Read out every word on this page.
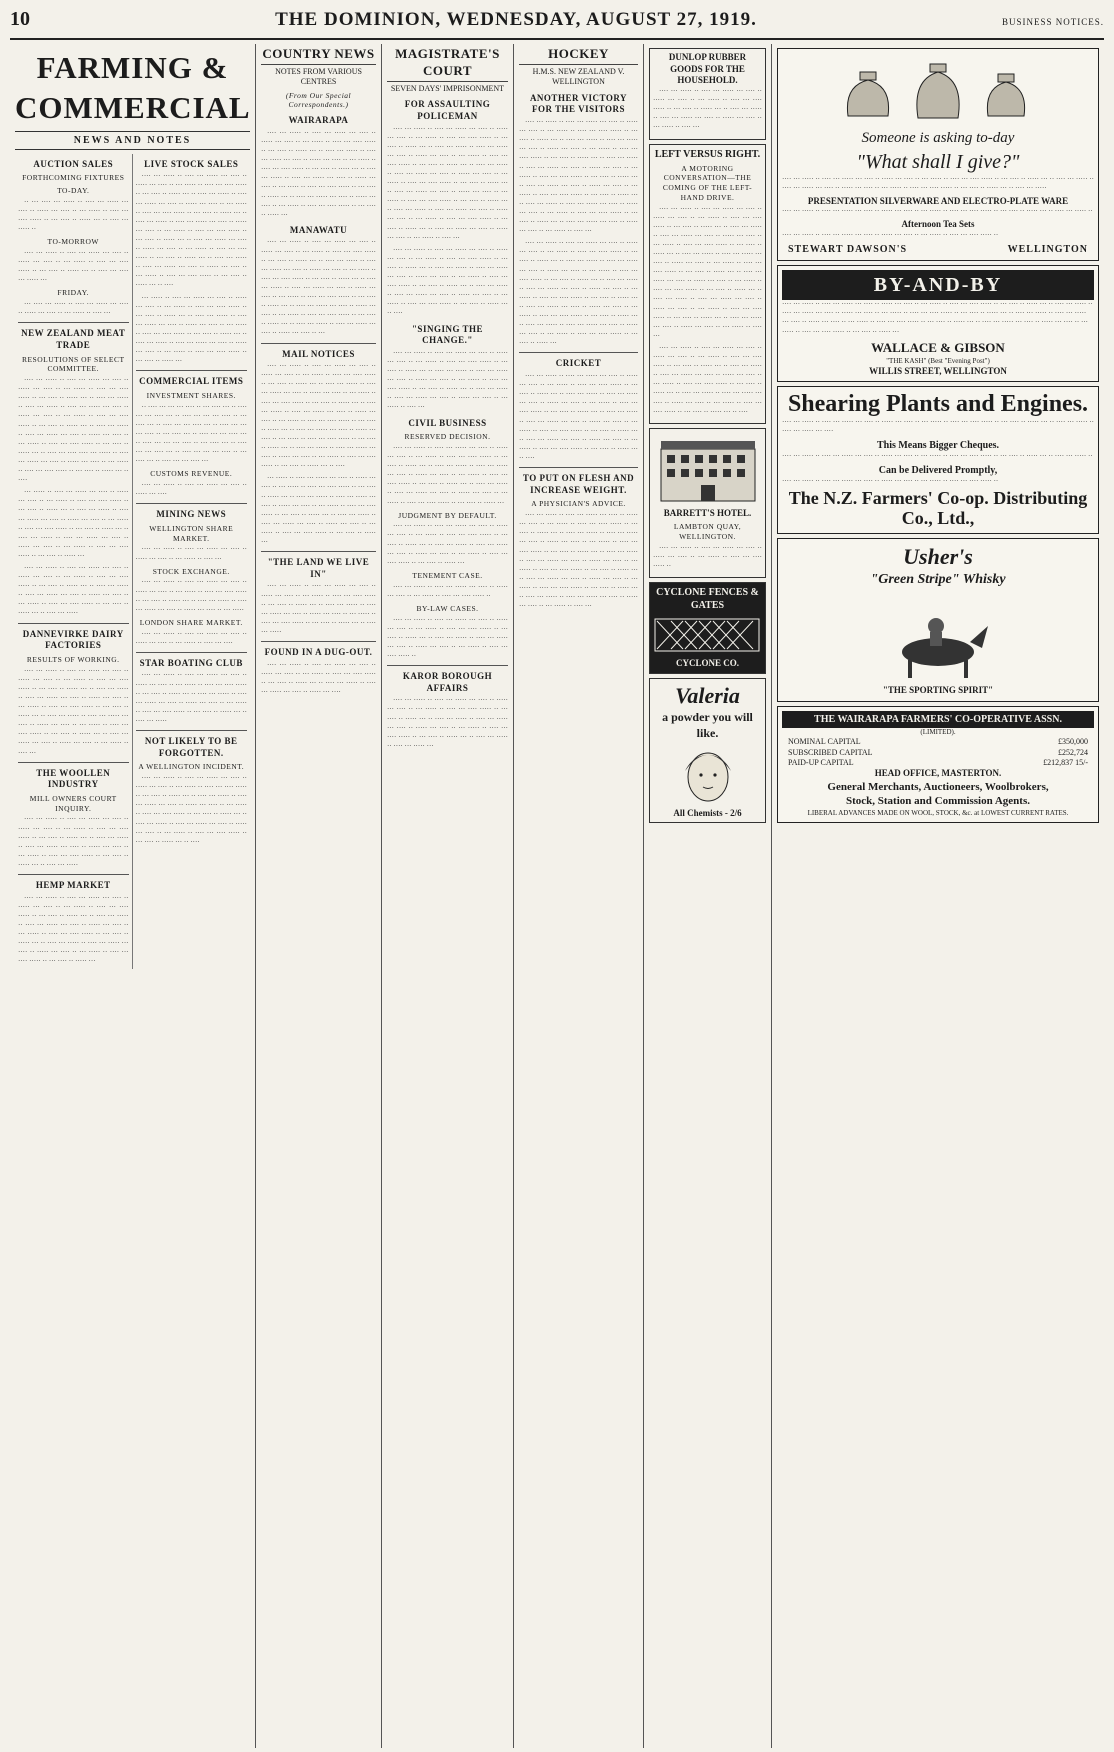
10	THE DOMINION, WEDNESDAY, AUGUST 27, 1919.	BUSINESS NOTICES.
FARMING & COMMERCIAL
NEWS AND NOTES
AUCTION SALES
FORTHCOMING FIXTURES
TO-DAY.

·· ··· ···· ··· ····· ·· ···· ··· ····· ··· ···· ·· ····· ··· ···· ·· ··· ····· ·· ···· ··· ···· ····· ·· ··· ···· ·· ····· ··· ·· ···· ··· ····· ··

TO-MORROW

···· ··· ····· ·· ···· ··· ····· ··· ···· ·· ····· ··· ···· ·· ··· ····· ·· ···· ··· ···· ····· ·· ··· ···· ·· ····· ··· ·· ···· ··· ···· ··· ····· ···

FRIDAY.

··· ···· ··· ····· ·· ···· ··· ····· ··· ···· ·· ····· ··· ···· ·· ··· ····· ·· ···· ···

NEW ZEALAND MEAT TRADE
RESOLUTIONS OF SELECT COMMITTEE.

···· ··· ····· ·· ···· ··· ····· ··· ···· ·· ····· ··· ···· ·· ··· ····· ·· ···· ··· ···· ····· ·· ··· ···· ·· ····· ··· ·· ···· ··· ····· ·· ···· ··· ····· ·· ···· ··· ····· ··· ···· ·· ····· ··· ···· ·· ··· ····· ·· ···· ··· ···· ····· ·· ··· ···· ·· ····· ··· ·· ···· ··· ····· ·· ···· ··· ····· ··· ···· ·· ····· ··· ···· ·· ··· ····· ·· ···· ··· ···· ····· ·· ··· ···· ·· ····· ··· ·· ···· ··· ···· ···· ··· ····· ·· ···· ··· ····· ··· ···· ·· ····· ··· ···· ·· ··· ····· ·· ···· ··· ···· ····· ·· ··· ···· ·· ····· ··· ·· ····

··· ····· ·· ···· ··· ····· ··· ···· ·· ····· ··· ···· ·· ··· ····· ·· ···· ··· ···· ····· ·· ··· ···· ·· ····· ··· ·· ···· ··· ····· ·· ···· ··· ····· ··· ···· ·· ····· ··· ···· ·· ··· ····· ·· ···· ··· ···· ····· ·· ··· ···· ·· ····· ··· ·· ···· ··· ····· ·· ···· ··· ····· ··· ···· ·· ····· ··· ···· ·· ··· ····· ·· ···· ··· ···· ····· ·· ··· ···· ·· ····· ···

···· ··· ····· ·· ···· ··· ····· ··· ···· ·· ····· ··· ···· ·· ··· ····· ·· ···· ··· ···· ····· ·· ··· ···· ·· ····· ··· ·· ···· ··· ····· ·· ···· ··· ····· ··· ···· ·· ····· ··· ···· ·· ··· ····· ·· ···· ··· ···· ····· ·· ··· ···· ·· ····· ··· ·· ···· ··· ·····

DANNEVIRKE DAIRY FACTORIES
RESULTS OF WORKING.

···· ··· ····· ·· ···· ··· ····· ··· ···· ·· ····· ··· ···· ·· ··· ····· ·· ···· ··· ···· ····· ·· ··· ···· ·· ····· ··· ·· ···· ··· ····· ·· ···· ··· ····· ··· ···· ·· ····· ··· ···· ·· ··· ····· ·· ···· ··· ···· ····· ·· ··· ···· ·· ····· ··· ·· ···· ··· ····· ·· ···· ··· ····· ··· ···· ·· ····· ··· ···· ·· ··· ····· ·· ···· ··· ···· ····· ·· ··· ···· ·· ····· ··· ·· ···· ··· ····· ··· ···· ·· ····· ··· ···· ·· ··· ····· ·· ···· ···

THE WOOLLEN INDUSTRY
MILL OWNERS COURT INQUIRY.

···· ··· ····· ·· ···· ··· ····· ··· ···· ·· ····· ··· ···· ·· ··· ····· ·· ···· ··· ···· ····· ·· ··· ···· ·· ····· ··· ·· ···· ··· ····· ·· ···· ··· ····· ··· ···· ·· ····· ··· ···· ·· ··· ····· ·· ···· ··· ···· ····· ·· ··· ···· ·· ····· ··· ·· ···· ··· ·····

HEMP MARKET

···· ··· ····· ·· ···· ··· ····· ··· ···· ·· ····· ··· ···· ·· ··· ····· ·· ···· ··· ···· ····· ·· ··· ···· ·· ····· ··· ·· ···· ··· ····· ·· ···· ··· ····· ··· ···· ·· ····· ··· ···· ·· ··· ····· ·· ···· ··· ···· ····· ·· ··· ···· ·· ····· ··· ·· ···· ··· ····· ·· ···· ··· ····· ··· ···· ·· ····· ··· ···· ·· ··· ····· ·· ···· ··· ···· ····· ·· ··· ···· ·· ····· ···

LIVE STOCK SALES

···· ··· ····· ·· ···· ··· ····· ··· ···· ·· ····· ··· ···· ·· ··· ····· ·· ···· ··· ···· ····· ·· ··· ···· ·· ····· ··· ·· ···· ··· ····· ·· ···· ··· ····· ··· ···· ·· ····· ··· ···· ·· ··· ····· ·· ···· ··· ···· ····· ·· ··· ···· ·· ····· ··· ·· ···· ··· ····· ·· ···· ··· ····· ··· ···· ·· ····· ··· ···· ·· ··· ····· ·· ···· ··· ···· ····· ·· ··· ···· ·· ····· ··· ·· ···· ··· ····· ··· ···· ·· ····· ··· ···· ·· ··· ····· ·· ···· ··· ···· ····· ·· ··· ···· ·· ····· ··· ·· ···· ··· ····· ·· ···· ··· ····· ··· ···· ·· ····· ··· ···· ·· ··· ····· ·· ···· ··· ···· ····· ·· ··· ···· ·· ····· ··· ·· ····

··· ····· ·· ···· ··· ····· ··· ···· ·· ····· ··· ···· ·· ··· ····· ·· ···· ··· ···· ····· ·· ··· ···· ·· ····· ··· ·· ···· ··· ····· ·· ···· ··· ····· ··· ···· ·· ····· ··· ···· ·· ··· ····· ·· ···· ··· ···· ····· ·· ··· ···· ·· ····· ··· ·· ···· ··· ····· ·· ···· ··· ····· ··· ···· ·· ····· ··· ···· ·· ··· ····· ·· ···· ··· ···· ····· ·· ··· ···· ·· ····· ···

COMMERCIAL ITEMS
INVESTMENT SHARES.

·· ···· ··· ··· ··· ···· ·· ··· ···· ··· ·· ···· ··· ··· ···· ··· ·· ···· ··· ··· ··· ···· ·· ··· ···· ··· ·· ···· ··· ··· ···· ··· ·· ···· ··· ··· ··· ···· ·· ··· ···· ··· ·· ···· ··· ··· ···· ··· ·· ···· ··· ··· ··· ···· ·· ··· ···· ··· ·· ···· ··· ··· ···· ··· ·· ···· ··· ··· ··· ···· ·· ··· ···· ··· ·· ···· ··· ··· ···· ···

CUSTOMS REVENUE.

···· ··· ····· ·· ···· ··· ····· ··· ···· ·· ····· ··· ····

MINING NEWS
WELLINGTON SHARE MARKET.

···· ··· ····· ·· ···· ··· ····· ··· ···· ·· ····· ··· ···· ·· ··· ····· ·· ···· ···

STOCK EXCHANGE.

···· ··· ····· ·· ···· ··· ····· ··· ···· ·· ····· ··· ···· ·· ··· ····· ·· ···· ··· ···· ····· ·· ··· ···· ·· ····· ··· ·· ···· ··· ····· ·· ···· ··· ····· ··· ···· ·· ····· ··· ···· ·· ··· ·····

LONDON SHARE MARKET.

···· ··· ····· ·· ···· ··· ····· ··· ···· ·· ····· ··· ···· ·· ··· ····· ·· ···· ··· ····

STAR BOATING CLUB

···· ··· ····· ·· ···· ··· ····· ··· ···· ·· ····· ··· ···· ·· ··· ····· ·· ···· ··· ···· ····· ·· ··· ···· ·· ····· ··· ·· ···· ··· ····· ·· ···· ··· ····· ··· ···· ·· ····· ··· ···· ·· ··· ····· ·· ···· ··· ···· ····· ·· ··· ···· ·· ····· ··· ·· ···· ··· ·····

NOT LIKELY TO BE FORGOTTEN.
A WELLINGTON INCIDENT.

···· ··· ····· ·· ···· ··· ····· ··· ···· ·· ····· ··· ···· ·· ··· ····· ·· ···· ··· ···· ····· ·· ··· ···· ·· ····· ··· ·· ···· ··· ····· ·· ···· ··· ····· ··· ···· ·· ····· ··· ···· ·· ··· ····· ·· ···· ··· ···· ····· ·· ··· ···· ·· ····· ··· ·· ···· ··· ····· ·· ···· ··· ····· ··· ···· ·· ····· ··· ···· ·· ··· ····· ·· ···· ··· ···· ····· ·· ··· ···· ·· ····· ··· ·· ····

COUNTRY NEWS
NOTES FROM VARIOUS CENTRES
(From Our Special Correspondents.)
WAIRARAPA

···· ··· ····· ·· ···· ··· ····· ··· ···· ·· ····· ··· ···· ·· ··· ····· ·· ···· ··· ···· ····· ·· ··· ···· ·· ····· ··· ·· ···· ··· ····· ·· ···· ··· ····· ··· ···· ·· ····· ··· ···· ·· ··· ····· ·· ···· ··· ···· ····· ·· ··· ···· ·· ····· ··· ·· ···· ··· ····· ·· ···· ··· ····· ··· ···· ·· ····· ··· ···· ·· ··· ····· ·· ···· ··· ···· ····· ·· ··· ···· ·· ····· ··· ·· ···· ··· ····· ··· ···· ·· ····· ··· ···· ·· ··· ····· ·· ···· ··· ···· ····· ·· ··· ···· ·· ····· ···

MANAWATU

···· ··· ····· ·· ···· ··· ····· ··· ···· ·· ····· ··· ···· ·· ··· ····· ·· ···· ··· ···· ····· ·· ··· ···· ·· ····· ··· ·· ···· ··· ····· ·· ···· ··· ····· ··· ···· ·· ····· ··· ···· ·· ··· ····· ·· ···· ··· ···· ····· ·· ··· ···· ·· ····· ··· ·· ···· ··· ····· ·· ···· ··· ····· ··· ···· ·· ····· ··· ···· ·· ··· ····· ·· ···· ··· ···· ····· ·· ··· ···· ·· ····· ··· ·· ···· ··· ····· ··· ···· ·· ····· ··· ···· ·· ··· ····· ·· ···· ··· ···· ····· ·· ··· ···· ·· ····· ··· ·· ···· ··· ····· ·· ···· ··· ····· ··· ···· ·· ····· ··· ···· ·· ···

MAIL NOTICES

···· ··· ····· ·· ···· ··· ····· ··· ···· ·· ····· ··· ···· ·· ··· ····· ·· ···· ··· ···· ····· ·· ··· ···· ·· ····· ··· ·· ···· ··· ····· ·· ···· ··· ····· ··· ···· ·· ····· ··· ···· ·· ··· ····· ·· ···· ··· ···· ····· ·· ··· ···· ·· ····· ··· ·· ···· ··· ····· ·· ···· ··· ····· ··· ···· ·· ····· ··· ···· ·· ··· ····· ·· ···· ··· ···· ····· ·· ··· ···· ·· ····· ··· ·· ···· ··· ····· ··· ···· ·· ····· ··· ···· ·· ··· ····· ·· ···· ··· ···· ····· ·· ··· ···· ·· ····· ··· ·· ···· ··· ····· ·· ···· ··· ····· ··· ···· ·· ····· ··· ···· ·· ··· ····· ·· ···· ··· ···· ····· ·· ··· ···· ·· ····· ··· ·· ····

··· ····· ·· ···· ··· ····· ··· ···· ·· ····· ··· ···· ·· ··· ····· ·· ···· ··· ···· ····· ·· ··· ···· ·· ····· ··· ·· ···· ··· ····· ·· ···· ··· ····· ··· ···· ·· ····· ··· ···· ·· ··· ····· ·· ···· ··· ···· ····· ·· ··· ···· ·· ····· ··· ·· ···· ··· ····· ·· ···· ··· ····· ··· ···· ·· ····· ··· ···· ·· ··· ····· ·· ···· ··· ···· ····· ·· ··· ···· ·· ····· ···

"THE LAND WE LIVE IN"

···· ··· ····· ·· ···· ··· ····· ··· ···· ·· ····· ··· ···· ·· ··· ····· ·· ···· ··· ···· ····· ·· ··· ···· ·· ····· ··· ·· ···· ··· ····· ·· ···· ··· ····· ··· ···· ·· ····· ··· ···· ·· ··· ····· ·· ···· ··· ···· ····· ·· ··· ···· ·· ····· ··· ·· ···· ··· ·····

FOUND IN A DUG-OUT.

···· ··· ····· ·· ···· ··· ····· ··· ···· ·· ····· ··· ···· ·· ··· ····· ·· ···· ··· ···· ····· ·· ··· ···· ·· ····· ··· ·· ···· ··· ····· ·· ···· ··· ····· ··· ···· ·· ····· ··· ····

MAGISTRATE'S COURT
SEVEN DAYS' IMPRISONMENT
FOR ASSAULTING POLICEMAN

···· ··· ····· ·· ···· ··· ····· ··· ···· ·· ····· ··· ···· ·· ··· ····· ·· ···· ··· ···· ····· ·· ··· ···· ·· ····· ··· ·· ···· ··· ····· ·· ···· ··· ····· ··· ···· ·· ····· ··· ···· ·· ··· ····· ·· ···· ··· ···· ····· ·· ··· ···· ·· ····· ··· ·· ···· ··· ····· ·· ···· ··· ····· ··· ···· ·· ····· ··· ···· ·· ··· ····· ·· ···· ··· ···· ····· ·· ··· ···· ·· ····· ··· ·· ···· ··· ····· ··· ···· ·· ····· ··· ···· ·· ··· ····· ·· ···· ··· ···· ····· ·· ··· ···· ·· ····· ··· ·· ···· ··· ····· ·· ···· ··· ····· ··· ···· ·· ····· ··· ···· ·· ··· ····· ·· ···· ··· ···· ····· ·· ··· ···· ·· ····· ··· ·· ···· ··· ····· ··· ···· ·· ····· ··· ···· ·· ··· ····· ·· ···· ···

···· ··· ····· ·· ···· ··· ····· ··· ···· ·· ····· ··· ···· ·· ··· ····· ·· ···· ··· ···· ····· ·· ··· ···· ·· ····· ··· ·· ···· ··· ····· ·· ···· ··· ····· ··· ···· ·· ····· ··· ···· ·· ··· ····· ·· ···· ··· ···· ····· ·· ··· ···· ·· ····· ··· ·· ···· ··· ····· ·· ···· ··· ····· ··· ···· ·· ····· ··· ···· ·· ··· ····· ·· ···· ··· ···· ····· ·· ··· ···· ·· ····· ··· ·· ····

"SINGING THE CHANGE."

···· ··· ····· ·· ···· ··· ····· ··· ···· ·· ····· ··· ···· ·· ··· ····· ·· ···· ··· ···· ····· ·· ··· ···· ·· ····· ··· ·· ···· ··· ····· ·· ···· ··· ····· ··· ···· ·· ····· ··· ···· ·· ··· ····· ·· ···· ··· ···· ····· ·· ··· ···· ·· ····· ··· ·· ···· ··· ····· ·· ···· ··· ····· ··· ···· ·· ····· ··· ···· ·· ··· ····· ·· ···· ···

CIVIL BUSINESS
RESERVED DECISION.

···· ··· ····· ·· ···· ··· ····· ··· ···· ·· ····· ··· ···· ·· ··· ····· ·· ···· ··· ···· ····· ·· ··· ···· ·· ····· ··· ·· ···· ··· ····· ·· ···· ··· ····· ··· ···· ·· ····· ··· ···· ·· ··· ····· ·· ···· ··· ···· ····· ·· ··· ···· ·· ····· ··· ·· ···· ··· ····· ·· ···· ··· ····· ··· ···· ·· ····· ··· ···· ·· ··· ····· ·· ···· ··· ···· ····· ·· ··· ···· ·· ····· ···

JUDGMENT BY DEFAULT.

···· ··· ····· ·· ···· ··· ····· ··· ···· ·· ····· ··· ···· ·· ··· ····· ·· ···· ··· ···· ····· ·· ··· ···· ·· ····· ··· ·· ···· ··· ····· ·· ···· ··· ····· ··· ···· ·· ····· ··· ···· ·· ··· ····· ·· ···· ··· ···· ····· ·· ··· ···· ·· ····· ···

TENEMENT CASE.

···· ··· ····· ·· ···· ··· ····· ··· ···· ·· ····· ··· ···· ·· ··· ····· ·· ···· ··· ···· ····· ··

BY-LAW CASES.

···· ··· ····· ·· ···· ··· ····· ··· ···· ·· ····· ··· ···· ·· ··· ····· ·· ···· ··· ···· ····· ·· ··· ···· ·· ····· ··· ·· ···· ··· ····· ·· ···· ··· ····· ··· ···· ·· ····· ··· ···· ·· ··· ····· ·· ···· ··· ···· ····· ··

KAROR BOROUGH AFFAIRS

···· ··· ····· ·· ···· ··· ····· ··· ···· ·· ····· ··· ···· ·· ··· ····· ·· ···· ··· ···· ····· ·· ··· ···· ·· ····· ··· ·· ···· ··· ····· ·· ···· ··· ····· ··· ···· ·· ····· ··· ···· ·· ··· ····· ·· ···· ··· ···· ····· ·· ··· ···· ·· ····· ··· ·· ···· ··· ····· ·· ···· ··· ····· ···

HOCKEY
H.M.S. NEW ZEALAND V. WELLINGTON
ANOTHER VICTORY FOR THE VISITORS

···· ··· ····· ·· ···· ··· ····· ··· ···· ·· ····· ··· ···· ·· ··· ····· ·· ···· ··· ···· ····· ·· ··· ···· ·· ····· ··· ·· ···· ··· ····· ·· ···· ··· ····· ··· ···· ·· ····· ··· ···· ·· ··· ····· ·· ···· ··· ···· ····· ·· ··· ···· ·· ····· ··· ·· ···· ··· ····· ·· ···· ··· ····· ··· ···· ·· ····· ··· ···· ·· ··· ····· ·· ···· ··· ···· ····· ·· ··· ···· ·· ····· ··· ·· ···· ··· ····· ··· ···· ·· ····· ··· ···· ·· ··· ····· ·· ···· ··· ···· ····· ·· ··· ···· ·· ····· ··· ·· ···· ··· ····· ·· ···· ··· ····· ··· ···· ·· ····· ··· ···· ·· ··· ····· ·· ···· ··· ···· ····· ·· ··· ···· ·· ····· ··· ·· ···· ··· ····· ··· ···· ·· ····· ··· ···· ·· ··· ····· ·· ···· ···

···· ··· ····· ·· ···· ··· ····· ··· ···· ·· ····· ··· ···· ·· ··· ····· ·· ···· ··· ···· ····· ·· ··· ···· ·· ····· ··· ·· ···· ··· ····· ·· ···· ··· ····· ··· ···· ·· ····· ··· ···· ·· ··· ····· ·· ···· ··· ···· ····· ·· ··· ···· ·· ····· ··· ·· ···· ··· ····· ·· ···· ··· ····· ··· ···· ·· ····· ··· ···· ·· ··· ····· ·· ···· ··· ···· ····· ·· ··· ···· ·· ····· ··· ·· ···· ··· ····· ··· ···· ·· ····· ··· ···· ·· ··· ····· ·· ···· ··· ···· ····· ·· ··· ···· ·· ····· ··· ·· ···· ··· ····· ·· ···· ··· ····· ··· ···· ·· ····· ··· ···· ·· ··· ····· ·· ···· ··· ···· ····· ·· ··· ···· ·· ····· ···

CRICKET

···· ··· ····· ·· ···· ··· ····· ··· ···· ·· ····· ··· ···· ·· ··· ····· ·· ···· ··· ···· ····· ·· ··· ···· ·· ····· ··· ·· ···· ··· ····· ·· ···· ··· ····· ··· ···· ·· ····· ··· ···· ·· ··· ····· ·· ···· ··· ···· ····· ·· ··· ···· ·· ····· ··· ·· ···· ··· ····· ·· ···· ··· ····· ··· ···· ·· ····· ··· ···· ·· ··· ····· ·· ···· ··· ···· ····· ·· ··· ···· ·· ····· ··· ·· ···· ··· ····· ··· ···· ·· ····· ··· ···· ·· ··· ····· ·· ···· ··· ···· ····· ·· ··· ···· ·· ····· ··· ·· ····

TO PUT ON FLESH AND INCREASE WEIGHT.
A PHYSICIAN'S ADVICE.

···· ··· ····· ·· ···· ··· ····· ··· ···· ·· ····· ··· ···· ·· ··· ····· ·· ···· ··· ···· ····· ·· ··· ···· ·· ····· ··· ·· ···· ··· ····· ·· ···· ··· ····· ··· ···· ·· ····· ··· ···· ·· ··· ····· ·· ···· ··· ···· ····· ·· ··· ···· ·· ····· ··· ·· ···· ··· ····· ·· ···· ··· ····· ··· ···· ·· ····· ··· ···· ·· ··· ····· ·· ···· ··· ···· ····· ·· ··· ···· ·· ····· ··· ·· ···· ··· ····· ··· ···· ·· ····· ··· ···· ·· ··· ····· ·· ···· ··· ···· ····· ·· ··· ···· ·· ····· ··· ·· ···· ··· ····· ·· ···· ··· ····· ··· ···· ·· ····· ··· ···· ·· ··· ····· ·· ···· ···

DUNLOP RUBBER GOODS FOR THE HOUSEHOLD.

···· ··· ····· ·· ···· ··· ····· ··· ···· ·· ····· ··· ···· ·· ··· ····· ·· ···· ··· ···· ····· ·· ··· ···· ·· ····· ··· ·· ···· ··· ····· ·· ···· ··· ····· ··· ···· ·· ····· ··· ···· ·· ··· ····· ·· ···· ···

LEFT VERSUS RIGHT.
A MOTORING CONVERSATION—THE COMING OF THE LEFT-HAND DRIVE.

···· ··· ····· ·· ···· ··· ····· ··· ···· ·· ····· ··· ···· ·· ··· ····· ·· ···· ··· ···· ····· ·· ··· ···· ·· ····· ··· ·· ···· ··· ····· ·· ···· ··· ····· ··· ···· ·· ····· ··· ···· ·· ··· ····· ·· ···· ··· ···· ····· ·· ··· ···· ·· ····· ··· ·· ···· ··· ····· ·· ···· ··· ····· ··· ···· ·· ····· ··· ···· ·· ··· ····· ·· ···· ··· ···· ····· ·· ··· ···· ·· ····· ··· ·· ···· ··· ····· ··· ···· ·· ····· ··· ···· ·· ··· ····· ·· ···· ··· ···· ····· ·· ··· ···· ·· ····· ··· ·· ···· ··· ····· ·· ···· ··· ····· ··· ···· ·· ····· ··· ···· ·· ··· ····· ·· ···· ··· ···· ····· ·· ··· ···· ·· ····· ··· ·· ···· ··· ····· ··· ···· ·· ····· ··· ···· ·· ··· ····· ·· ···· ···

···· ··· ····· ·· ···· ··· ····· ··· ···· ·· ····· ··· ···· ·· ··· ····· ·· ···· ··· ···· ····· ·· ··· ···· ·· ····· ··· ·· ···· ··· ····· ·· ···· ··· ····· ··· ···· ·· ····· ··· ···· ·· ··· ····· ·· ···· ··· ···· ····· ·· ··· ···· ·· ····· ··· ·· ···· ··· ····· ·· ···· ··· ····· ··· ···· ·· ····· ··· ···· ·· ··· ····· ·· ···· ··· ···· ····· ·· ··· ···· ·· ····· ··· ·· ····

BARRETT'S HOTEL.
LAMBTON QUAY, WELLINGTON.

···· ··· ····· ·· ···· ··· ····· ··· ···· ·· ····· ··· ···· ·· ··· ····· ·· ···· ··· ···· ····· ··

CYCLONE FENCES & GATES
CYCLONE CO.
Valeria
a powder you will like.
All Chemists - 2/6
Someone is asking to-day
"What shall I give?"

···· ··· ····· ·· ···· ··· ····· ··· ···· ·· ····· ··· ···· ·· ··· ····· ·· ···· ··· ···· ····· ·· ··· ···· ·· ····· ··· ·· ···· ··· ····· ·· ···· ··· ····· ··· ···· ·· ····· ··· ···· ·· ··· ····· ·· ···· ··· ···· ····· ·· ··· ···· ·· ····· ··· ·· ···· ··· ·····

PRESENTATION SILVERWARE AND ELECTRO-PLATE WARE

···· ··· ····· ·· ···· ··· ····· ··· ···· ·· ····· ··· ···· ·· ··· ····· ·· ···· ··· ···· ····· ·· ··· ···· ·· ····· ··· ·· ···· ··· ····· ··

Afternoon Tea Sets

···· ··· ····· ·· ···· ··· ····· ··· ···· ·· ····· ··· ···· ·· ··· ····· ·· ···· ··· ···· ····· ··

STEWART DAWSON'S	WELLINGTON
BY-AND-BY

···· ··· ····· ·· ···· ··· ····· ··· ···· ·· ····· ··· ···· ·· ··· ····· ·· ···· ··· ···· ····· ·· ··· ···· ·· ····· ··· ·· ···· ··· ····· ·· ···· ··· ····· ··· ···· ·· ····· ··· ···· ·· ··· ····· ·· ···· ··· ···· ····· ·· ··· ···· ·· ····· ··· ·· ···· ··· ····· ·· ···· ··· ····· ··· ···· ·· ····· ··· ···· ·· ··· ····· ·· ···· ··· ···· ····· ·· ··· ···· ·· ····· ··· ·· ···· ··· ····· ··· ···· ·· ····· ··· ···· ·· ··· ····· ·· ···· ··· ···· ····· ·· ··· ···· ·· ····· ···

WALLACE & GIBSON
"THE KASH" (Best "Evening Post")
WILLIS STREET, WELLINGTON
Shearing Plants and Engines.

···· ··· ····· ·· ···· ··· ····· ··· ···· ·· ····· ··· ···· ·· ··· ····· ·· ···· ··· ···· ····· ·· ··· ···· ·· ····· ··· ·· ···· ··· ····· ·· ···· ··· ····· ··· ····

This Means Bigger Cheques.

···· ··· ····· ·· ···· ··· ····· ··· ···· ·· ····· ··· ···· ·· ··· ····· ·· ···· ··· ···· ····· ·· ··· ···· ·· ····· ··· ·· ···· ··· ····· ··

Can be Delivered Promptly,

···· ··· ····· ·· ···· ··· ····· ··· ···· ·· ····· ··· ···· ·· ··· ····· ·· ···· ··· ···· ····· ··

The N.Z. Farmers' Co-op. Distributing Co., Ltd.,
Usher's
"Green Stripe" Whisky
"THE SPORTING SPIRIT"
THE WAIRARAPA FARMERS' CO-OPERATIVE ASSN.
(LIMITED).
NOMINAL CAPITAL	£350,000
SUBSCRIBED CAPITAL	£252,724
PAID-UP CAPITAL	£212,837 15/-
HEAD OFFICE, MASTERTON.
General Merchants, Auctioneers, Woolbrokers,
Stock, Station and Commission Agents.
LIBERAL ADVANCES MADE ON WOOL, STOCK, &c. at LOWEST CURRENT RATES.
